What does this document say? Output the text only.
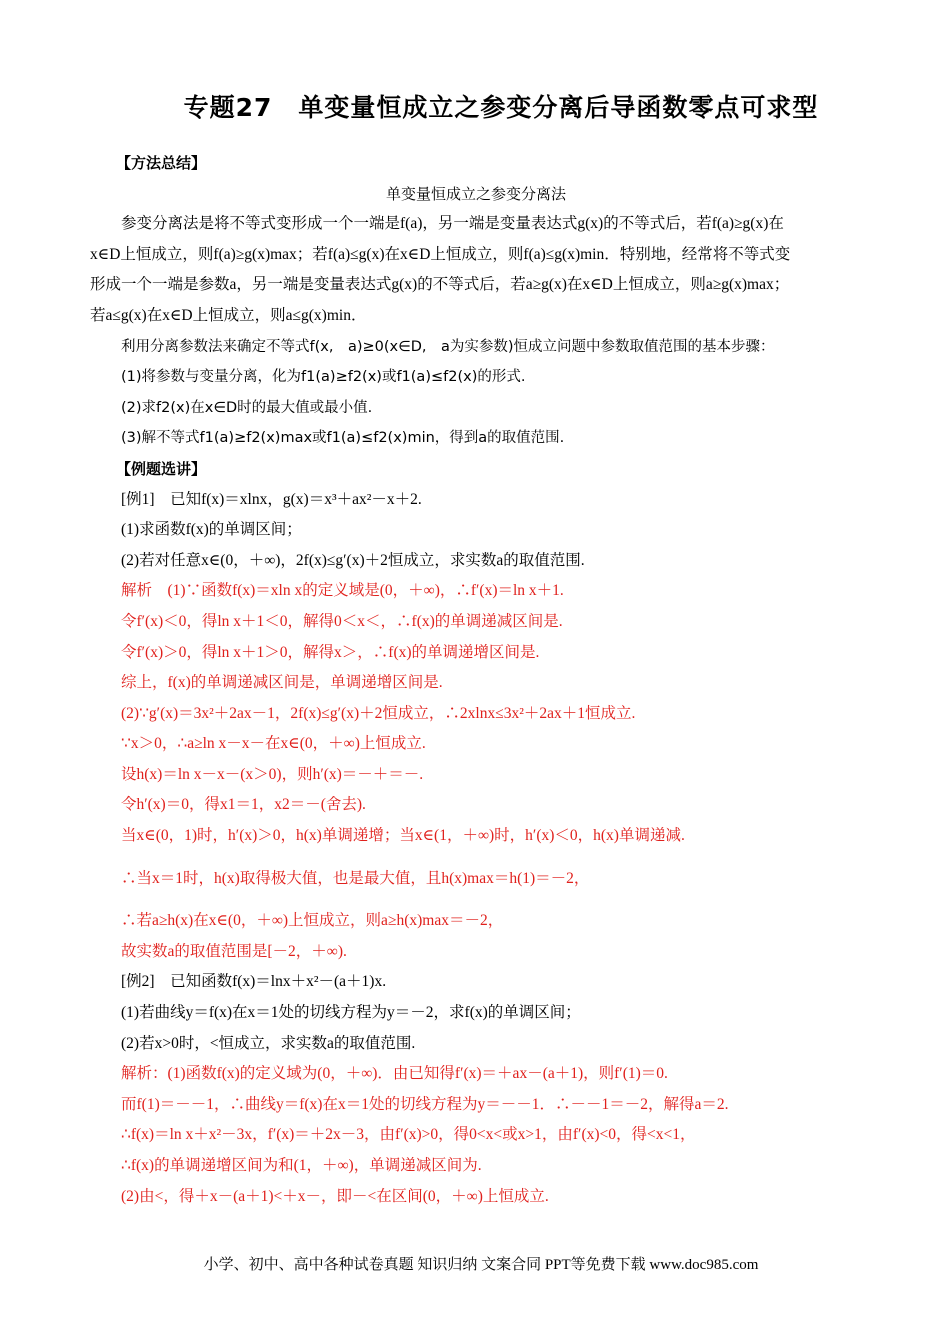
专题27　单变量恒成立之参变分离后导函数零点可求型
【方法总结】
单变量恒成立之参变分离法
参变分离法是将不等式变形成一个一端是f(a)，另一端是变量表达式g(x)的不等式后，若f(a)≥g(x)在
x∈D上恒成立，则f(a)≥g(x)max；若f(a)≤g(x)在x∈D上恒成立，则f(a)≤g(x)min．特别地，经常将不等式变
形成一个一端是参数a，另一端是变量表达式g(x)的不等式后，若a≥g(x)在x∈D上恒成立，则a≥g(x)max；
若a≤g(x)在x∈D上恒成立，则a≤g(x)min．
利用分离参数法来确定不等式f(x,　a)≥0(x∈D,　a为实参数)恒成立问题中参数取值范围的基本步骤：
(1)将参数与变量分离，化为f1(a)≥f2(x)或f1(a)≤f2(x)的形式.
(2)求f2(x)在x∈D时的最大值或最小值.
(3)解不等式f1(a)≥f2(x)max或f1(a)≤f2(x)min，得到a的取值范围.
【例题选讲】
[例1]　已知f(x)＝xlnx，g(x)＝x³＋ax²－x＋2.
(1)求函数f(x)的单调区间；
(2)若对任意x∈(0，＋∞)，2f(x)≤g′(x)＋2恒成立，求实数a的取值范围.
解析　(1)∵函数f(x)＝xln x的定义域是(0，＋∞)，∴f′(x)＝ln x＋1.
令f′(x)＜0，得ln x＋1＜0，解得0＜x＜，∴f(x)的单调递减区间是.
令f′(x)＞0，得ln x＋1＞0，解得x＞，∴f(x)的单调递增区间是.
综上，f(x)的单调递减区间是，单调递增区间是.
(2)∵g′(x)＝3x²＋2ax－1，2f(x)≤g′(x)＋2恒成立，∴2xlnx≤3x²＋2ax＋1恒成立.
∵x＞0，∴a≥ln x－x－在x∈(0，＋∞)上恒成立.
设h(x)＝ln x－x－(x＞0)，则h′(x)＝－＋＝－.
令h′(x)＝0，得x1＝1，x2＝－(舍去).
当x∈(0，1)时，h′(x)＞0，h(x)单调递增；当x∈(1，＋∞)时，h′(x)＜0，h(x)单调递减.
∴当x＝1时，h(x)取得极大值，也是最大值，且h(x)max＝h(1)＝－2，
∴若a≥h(x)在x∈(0，＋∞)上恒成立，则a≥h(x)max＝－2，
故实数a的取值范围是[－2，＋∞).
[例2]　已知函数f(x)＝lnx＋x²－(a＋1)x.
(1)若曲线y＝f(x)在x＝1处的切线方程为y＝－2，求f(x)的单调区间；
(2)若x>0时，<恒成立，求实数a的取值范围.
解析：(1)函数f(x)的定义域为(0，＋∞)．由已知得f′(x)＝＋ax－(a＋1)，则f′(1)＝0.
而f(1)＝－－1，∴曲线y＝f(x)在x＝1处的切线方程为y＝－－1．∴－－1＝－2，解得a＝2.
∴f(x)＝ln x＋x²－3x，f′(x)＝＋2x－3，由f′(x)>0，得0<x<或x>1，由f′(x)<0，得<x<1，
∴f(x)的单调递增区间为和(1，＋∞)，单调递减区间为.
(2)由<，得＋x－(a＋1)<＋x－，即－<在区间(0，＋∞)上恒成立.
小学、初中、高中各种试卷真题 知识归纳 文案合同 PPT等免费下载 www.doc985.com
